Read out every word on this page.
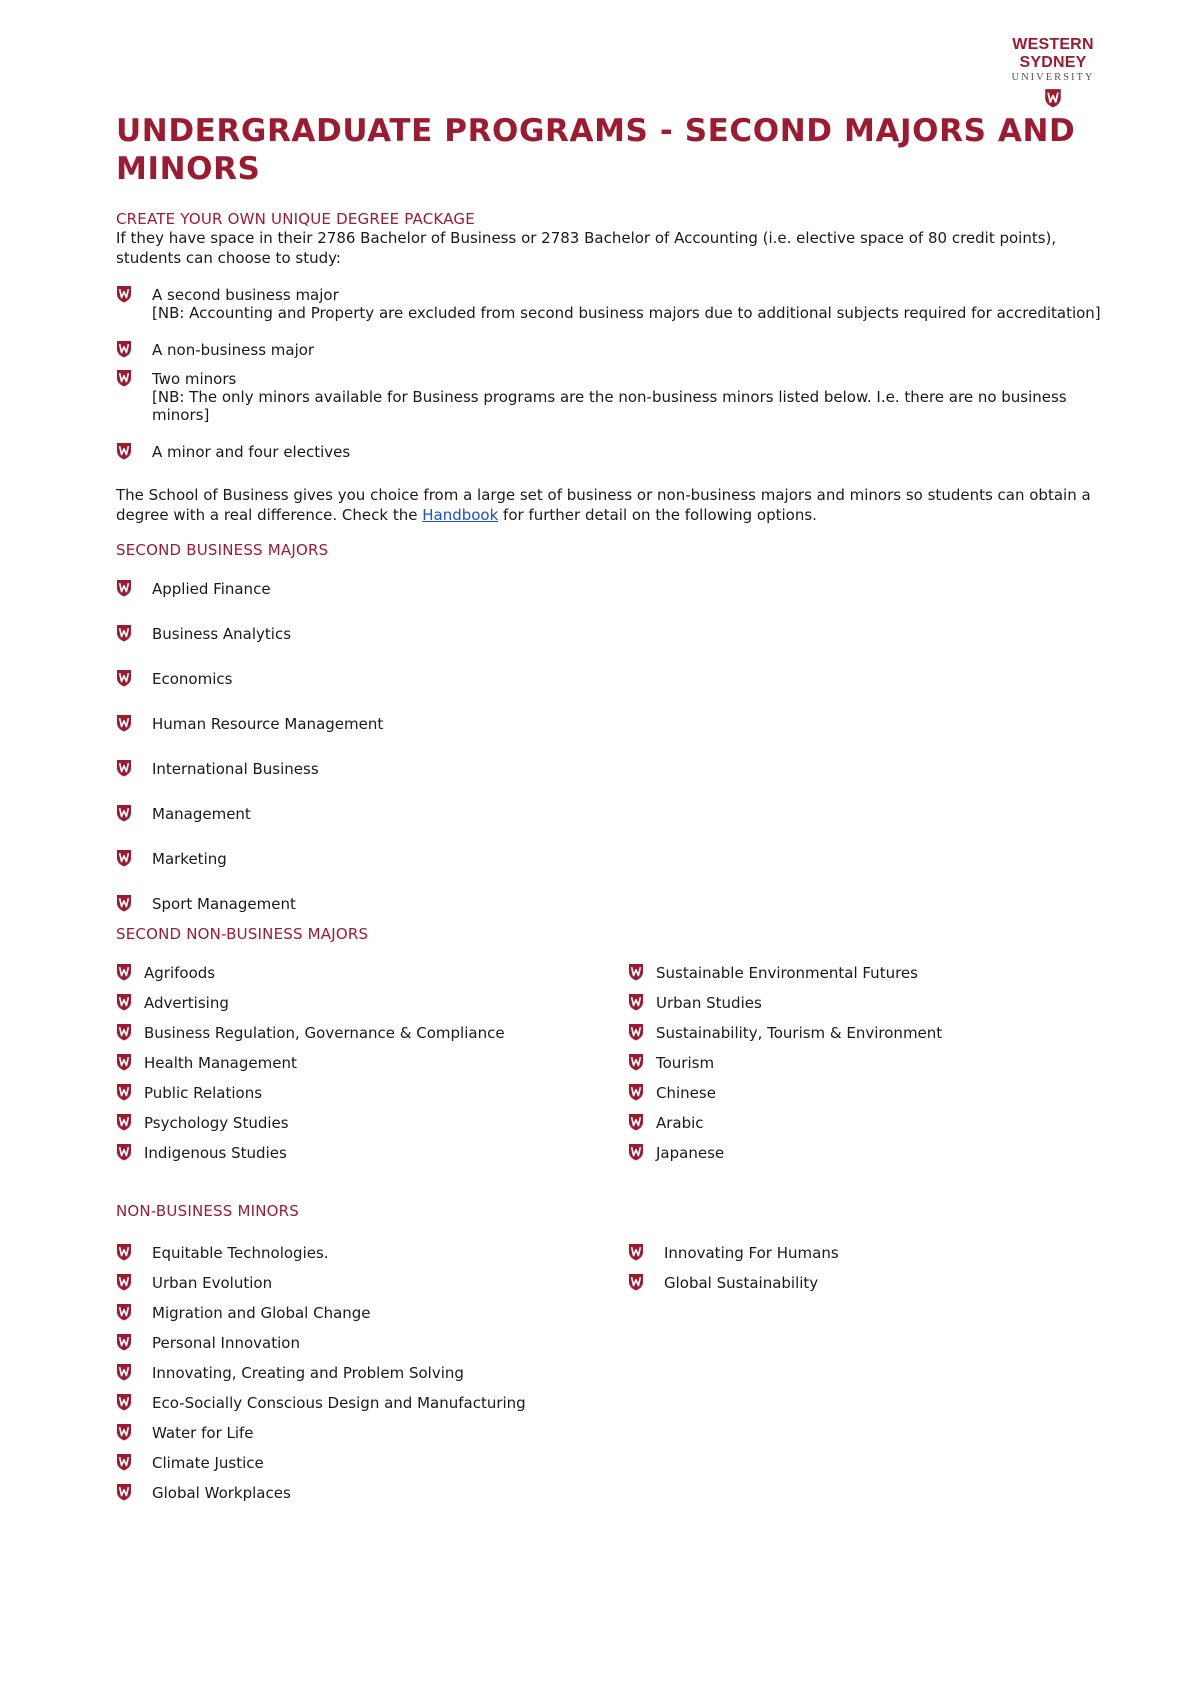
WESTERN SYDNEY
UNIVERSITY
UNDERGRADUATE PROGRAMS - SECOND MAJORS AND MINORS
CREATE YOUR OWN UNIQUE DEGREE PACKAGE

If they have space in their 2786 Bachelor of Business or 2783 Bachelor of Accounting (i.e. elective space of 80 credit points), students can choose to study:

A second business major
[NB: Accounting and Property are excluded from second business majors due to additional subjects required for accreditation]
A non-business major
Two minors
[NB: The only minors available for Business programs are the non-business minors listed below. I.e. there are no business minors]
A minor and four electives

The School of Business gives you choice from a large set of business or non-business majors and minors so students can obtain a degree with a real difference. Check the Handbook for further detail on the following options.

SECOND BUSINESS MAJORS
Applied Finance
Business Analytics
Economics
Human Resource Management
International Business
Management
Marketing
Sport Management
SECOND NON-BUSINESS MAJORS
Agrifoods
Advertising
Business Regulation, Governance & Compliance
Health Management
Public Relations
Psychology Studies
Indigenous Studies
Sustainable Environmental Futures
Urban Studies
Sustainability, Tourism & Environment
Tourism
Chinese
Arabic
Japanese
NON-BUSINESS MINORS
Equitable Technologies.
Urban Evolution
Migration and Global Change
Personal Innovation
Innovating, Creating and Problem Solving
Eco-Socially Conscious Design and Manufacturing
Water for Life
Climate Justice
Global Workplaces
Innovating For Humans
Global Sustainability
